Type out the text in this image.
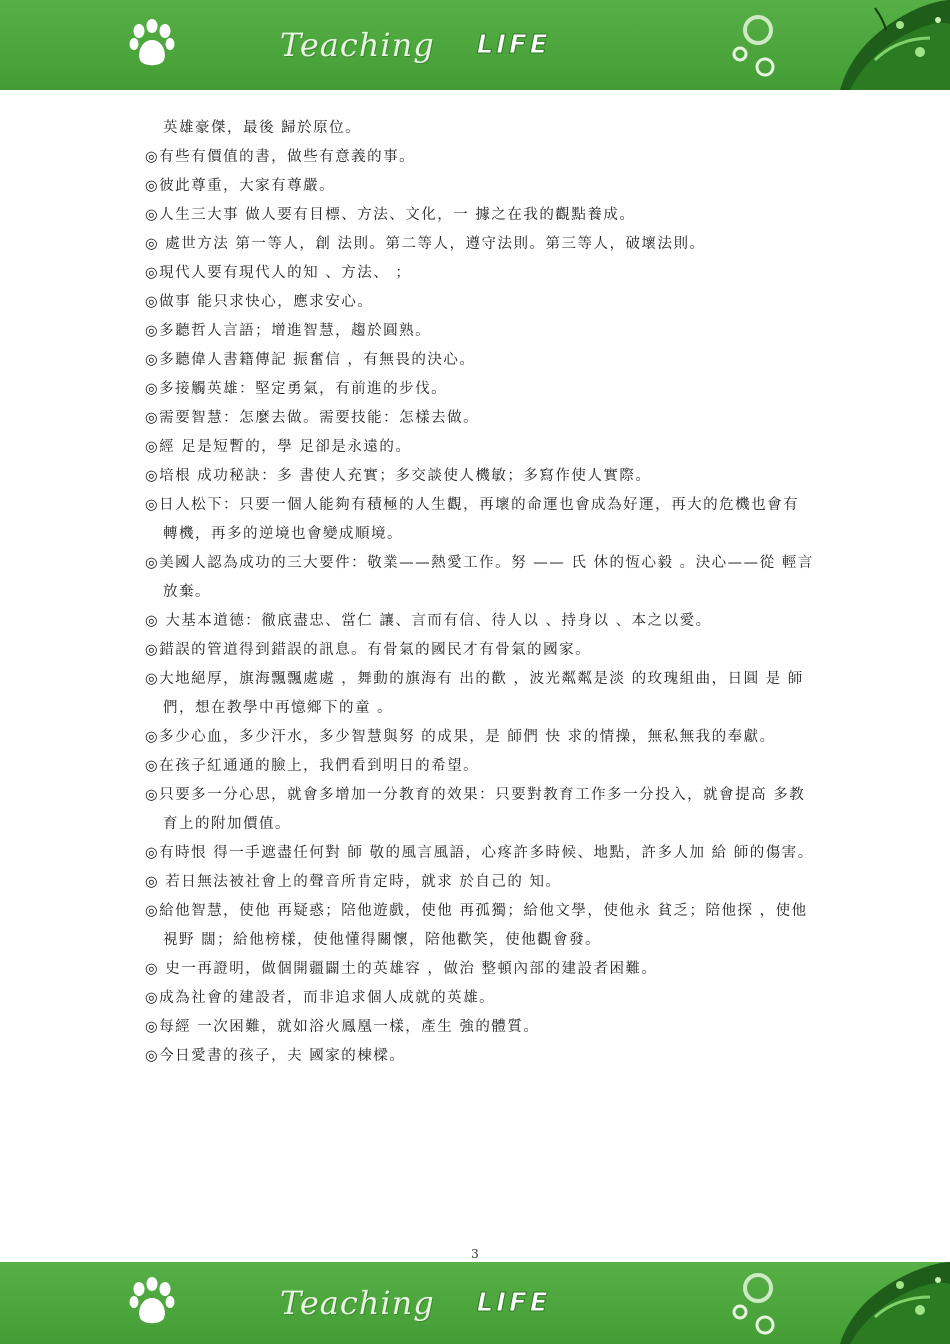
Teaching LIFE

英雄豪傑，最後 歸於原位。

◎有些有價值的書，做些有意義的事。

◎彼此尊重，大家有尊嚴。

◎人生三大事 做人要有目標、方法、文化，一 據之在我的觀點養成。

◎ 處世方法 第一等人，創 法則。第二等人，遵守法則。第三等人，破壞法則。

◎現代人要有現代人的知 、方法、 ；

◎做事 能只求快心，應求安心。

◎多聽哲人言語；增進智慧，趨於圓熟。

◎多聽偉人書籍傳記 振奮信 ，有無畏的決心。

◎多接觸英雄：堅定勇氣，有前進的步伐。

◎需要智慧：怎麼去做。需要技能：怎樣去做。

◎經 足是短暫的，學 足卻是永遠的。

◎培根 成功秘訣：多 書使人充實；多交談使人機敏；多寫作使人實際。

◎日人松下：只要一個人能夠有積極的人生觀，再壞的命運也會成為好運，再大的危機也會有轉機，再多的逆境也會變成順境。

◎美國人認為成功的三大要件：敬業——熱愛工作。努 —— 氏 休的恆心毅 。決心——從 輕言 放棄。

◎ 大基本道德：徹底盡忠、當仁 讓、言而有信、待人以 、持身以 、本之以愛。

◎錯誤的管道得到錯誤的訊息。有骨氣的國民才有骨氣的國家。

◎大地絕厚，旗海飄飄處處 ，舞動的旗海有 出的歡 ，波光粼粼是淡 的玫瑰組曲，日圓 是 師們，想在教學中再憶鄉下的童 。

◎多少心血，多少汗水，多少智慧與努 的成果，是 師們 快 求的情操，無私無我的奉獻。

◎在孩子紅通通的臉上，我們看到明日的希望。

◎只要多一分心思，就會多增加一分教育的效果：只要對教育工作多一分投入，就會提高 多教育上的附加價值。

◎有時恨 得一手遮盡任何對 師 敬的風言風語，心疼許多時候、地點，許多人加 給 師的傷害。

◎ 若日無法被社會上的聲音所肯定時，就求 於自己的 知。

◎給他智慧，使他 再疑惑；陪他遊戲，使他 再孤獨；給他文學，使他永 貧乏；陪他探 ，使他視野 闊；給他榜樣，使他懂得關懷，陪他歡笑，使他觀會發。

◎ 史一再證明，做個開疆闢土的英雄容 ，做治 整頓內部的建設者困難。

◎成為社會的建設者，而非追求個人成就的英雄。

◎每經 一次困難，就如浴火鳳凰一樣，產生 強的體質。

◎今日愛書的孩子，夫 國家的棟樑。

3
Teaching LIFE
